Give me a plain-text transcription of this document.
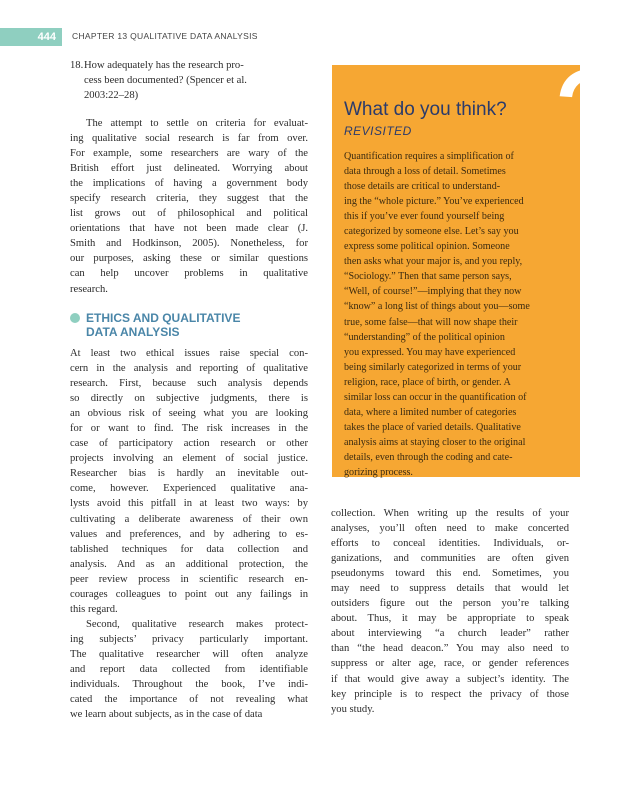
444	CHAPTER 13 QUALITATIVE DATA ANALYSIS
18. How adequately has the research pro-
cess been documented? (Spencer et al.
2003:22–28)
The attempt to settle on criteria for evaluat-
ing qualitative social research is far from over.
For example, some researchers are wary of the
British effort just delineated. Worrying about
the implications of having a government body
specify research criteria, they suggest that the
list grows out of philosophical and political
orientations that have not been made clear (J.
Smith and Hodkinson, 2005). Nonetheless, for
our purposes, asking these or similar questions
can help uncover problems in qualitative
research.
ETHICS AND QUALITATIVE
DATA ANALYSIS
At least two ethical issues raise special con-
cern in the analysis and reporting of qualitative
research. First, because such analysis depends
so directly on subjective judgments, there is
an obvious risk of seeing what you are looking
for or want to find. The risk increases in the
case of participatory action research or other
projects involving an element of social justice.
Researcher bias is hardly an inevitable out-
come, however. Experienced qualitative ana-
lysts avoid this pitfall in at least two ways: by
cultivating a deliberate awareness of their own
values and preferences, and by adhering to es-
tablished techniques for data collection and
analysis. And as an additional protection, the
peer review process in scientific research en-
courages colleagues to point out any failings in
this regard.
Second, qualitative research makes protect-
ing subjects’ privacy particularly important.
The qualitative researcher will often analyze
and report data collected from identifiable
individuals. Throughout the book, I’ve indi-
cated the importance of not revealing what
we learn about subjects, as in the case of data
?
What do you think?
REVISITED
Quantification requires a simplification of
data through a loss of detail. Sometimes
those details are critical to understand-
ing the “whole picture.” You’ve experienced
this if you’ve ever found yourself being
categorized by someone else. Let’s say you
express some political opinion. Someone
then asks what your major is, and you reply,
“Sociology.” Then that same person says,
“Well, of course!”—implying that they now
“know” a long list of things about you—some
true, some false—that will now shape their
“understanding” of the political opinion
you expressed. You may have experienced
being similarly categorized in terms of your
religion, race, place of birth, or gender. A
similar loss can occur in the quantification of
data, where a limited number of categories
takes the place of varied details. Qualitative
analysis aims at staying closer to the original
details, even through the coding and cate-
gorizing process.
collection. When writing up the results of your
analyses, you’ll often need to make concerted
efforts to conceal identities. Individuals, or-
ganizations, and communities are often given
pseudonyms toward this end. Sometimes, you
may need to suppress details that would let
outsiders figure out the person you’re talking
about. Thus, it may be appropriate to speak
about interviewing “a church leader” rather
than “the head deacon.” You may also need to
suppress or alter age, race, or gender references
if that would give away a subject’s identity. The
key principle is to respect the privacy of those
you study.
